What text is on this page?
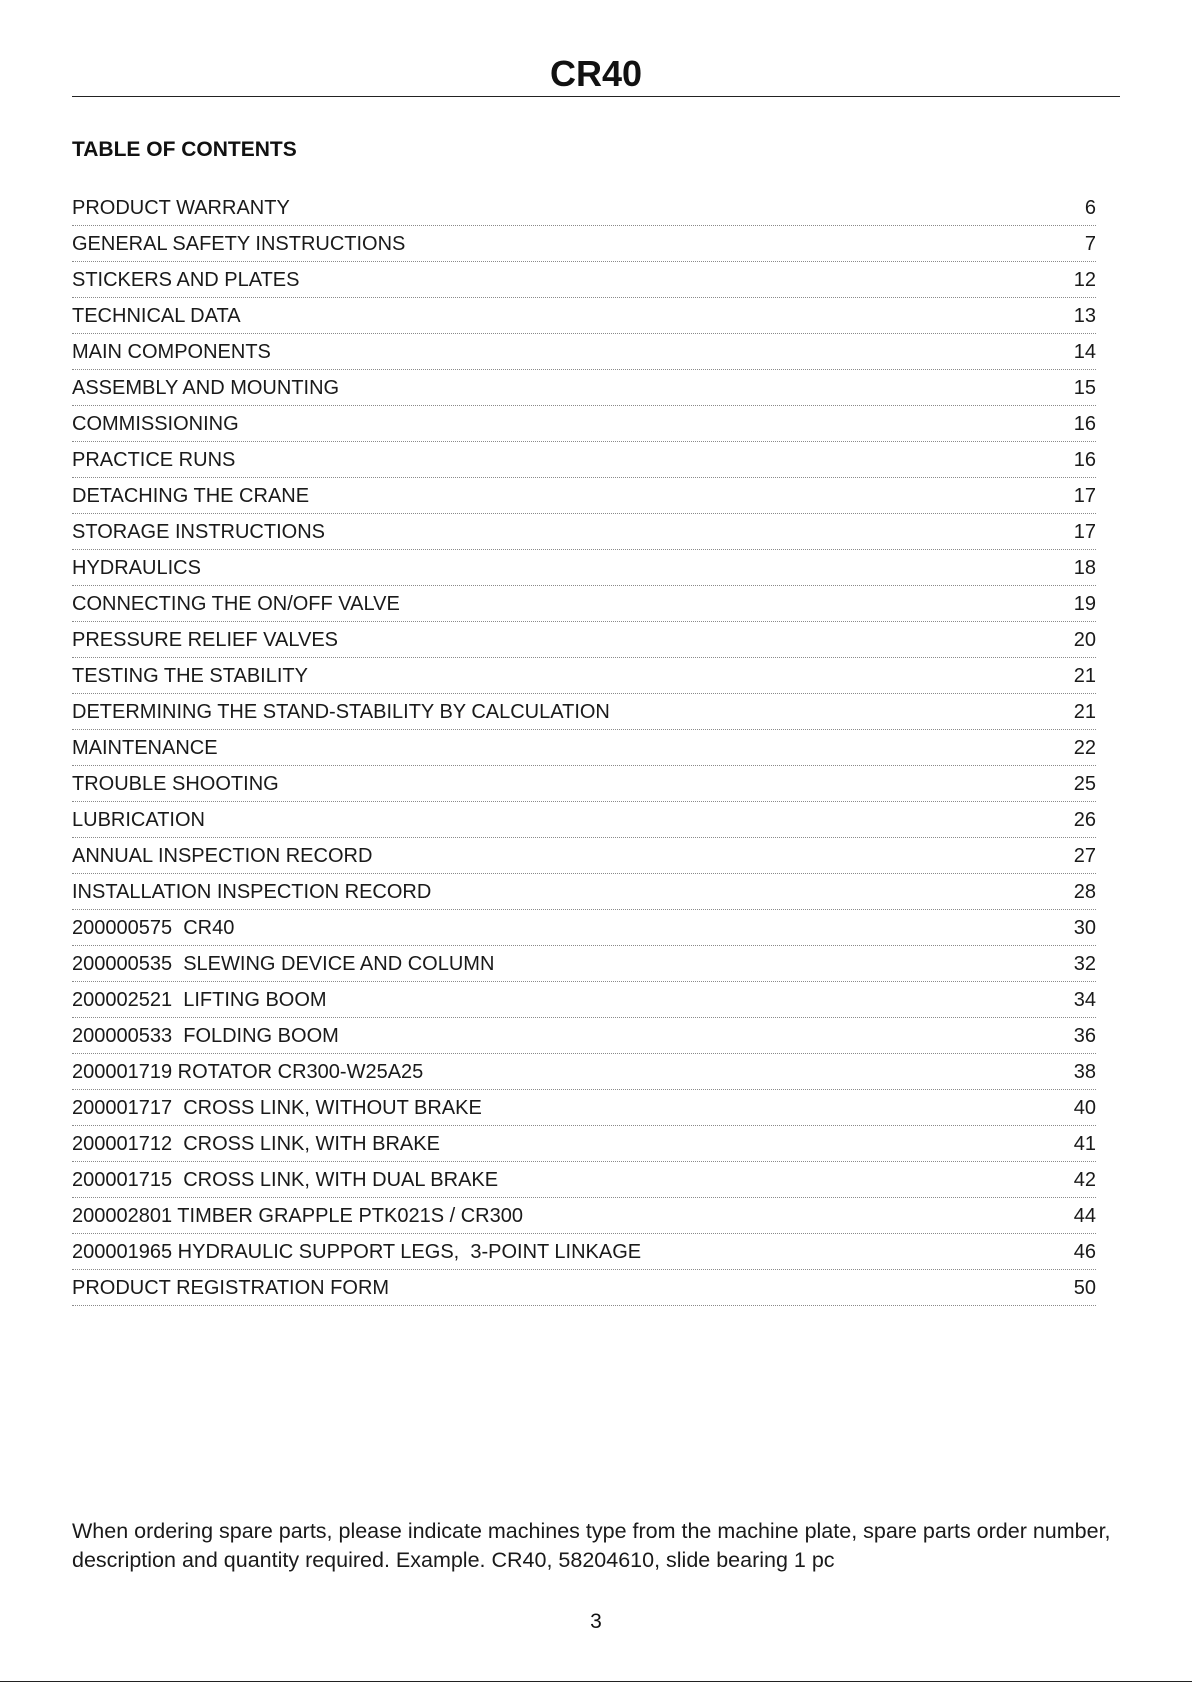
CR40
TABLE OF CONTENTS
PRODUCT WARRANTY	6
GENERAL SAFETY INSTRUCTIONS	7
STICKERS AND PLATES	12
TECHNICAL DATA	13
MAIN COMPONENTS	14
ASSEMBLY AND MOUNTING	15
COMMISSIONING	16
PRACTICE RUNS	16
DETACHING THE CRANE	17
STORAGE INSTRUCTIONS	17
HYDRAULICS	18
CONNECTING THE ON/OFF VALVE	19
PRESSURE RELIEF VALVES	20
TESTING THE STABILITY	21
DETERMINING THE STAND-STABILITY BY CALCULATION	21
MAINTENANCE	22
TROUBLE SHOOTING	25
LUBRICATION	26
ANNUAL INSPECTION RECORD	27
INSTALLATION INSPECTION RECORD	28
200000575  CR40	30
200000535  SLEWING DEVICE AND COLUMN	32
200002521  LIFTING BOOM	34
200000533  FOLDING BOOM	36
200001719 ROTATOR CR300-W25A25	38
200001717  CROSS LINK, WITHOUT BRAKE	40
200001712  CROSS LINK, WITH BRAKE	41
200001715  CROSS LINK, WITH DUAL BRAKE	42
200002801 TIMBER GRAPPLE PTK021S / CR300	44
200001965 HYDRAULIC SUPPORT LEGS,  3-POINT LINKAGE	46
PRODUCT REGISTRATION FORM	50

When ordering spare parts, please indicate machines type from the machine plate, spare parts order number, description and quantity required. Example. CR40, 58204610, slide bearing 1 pc

3
